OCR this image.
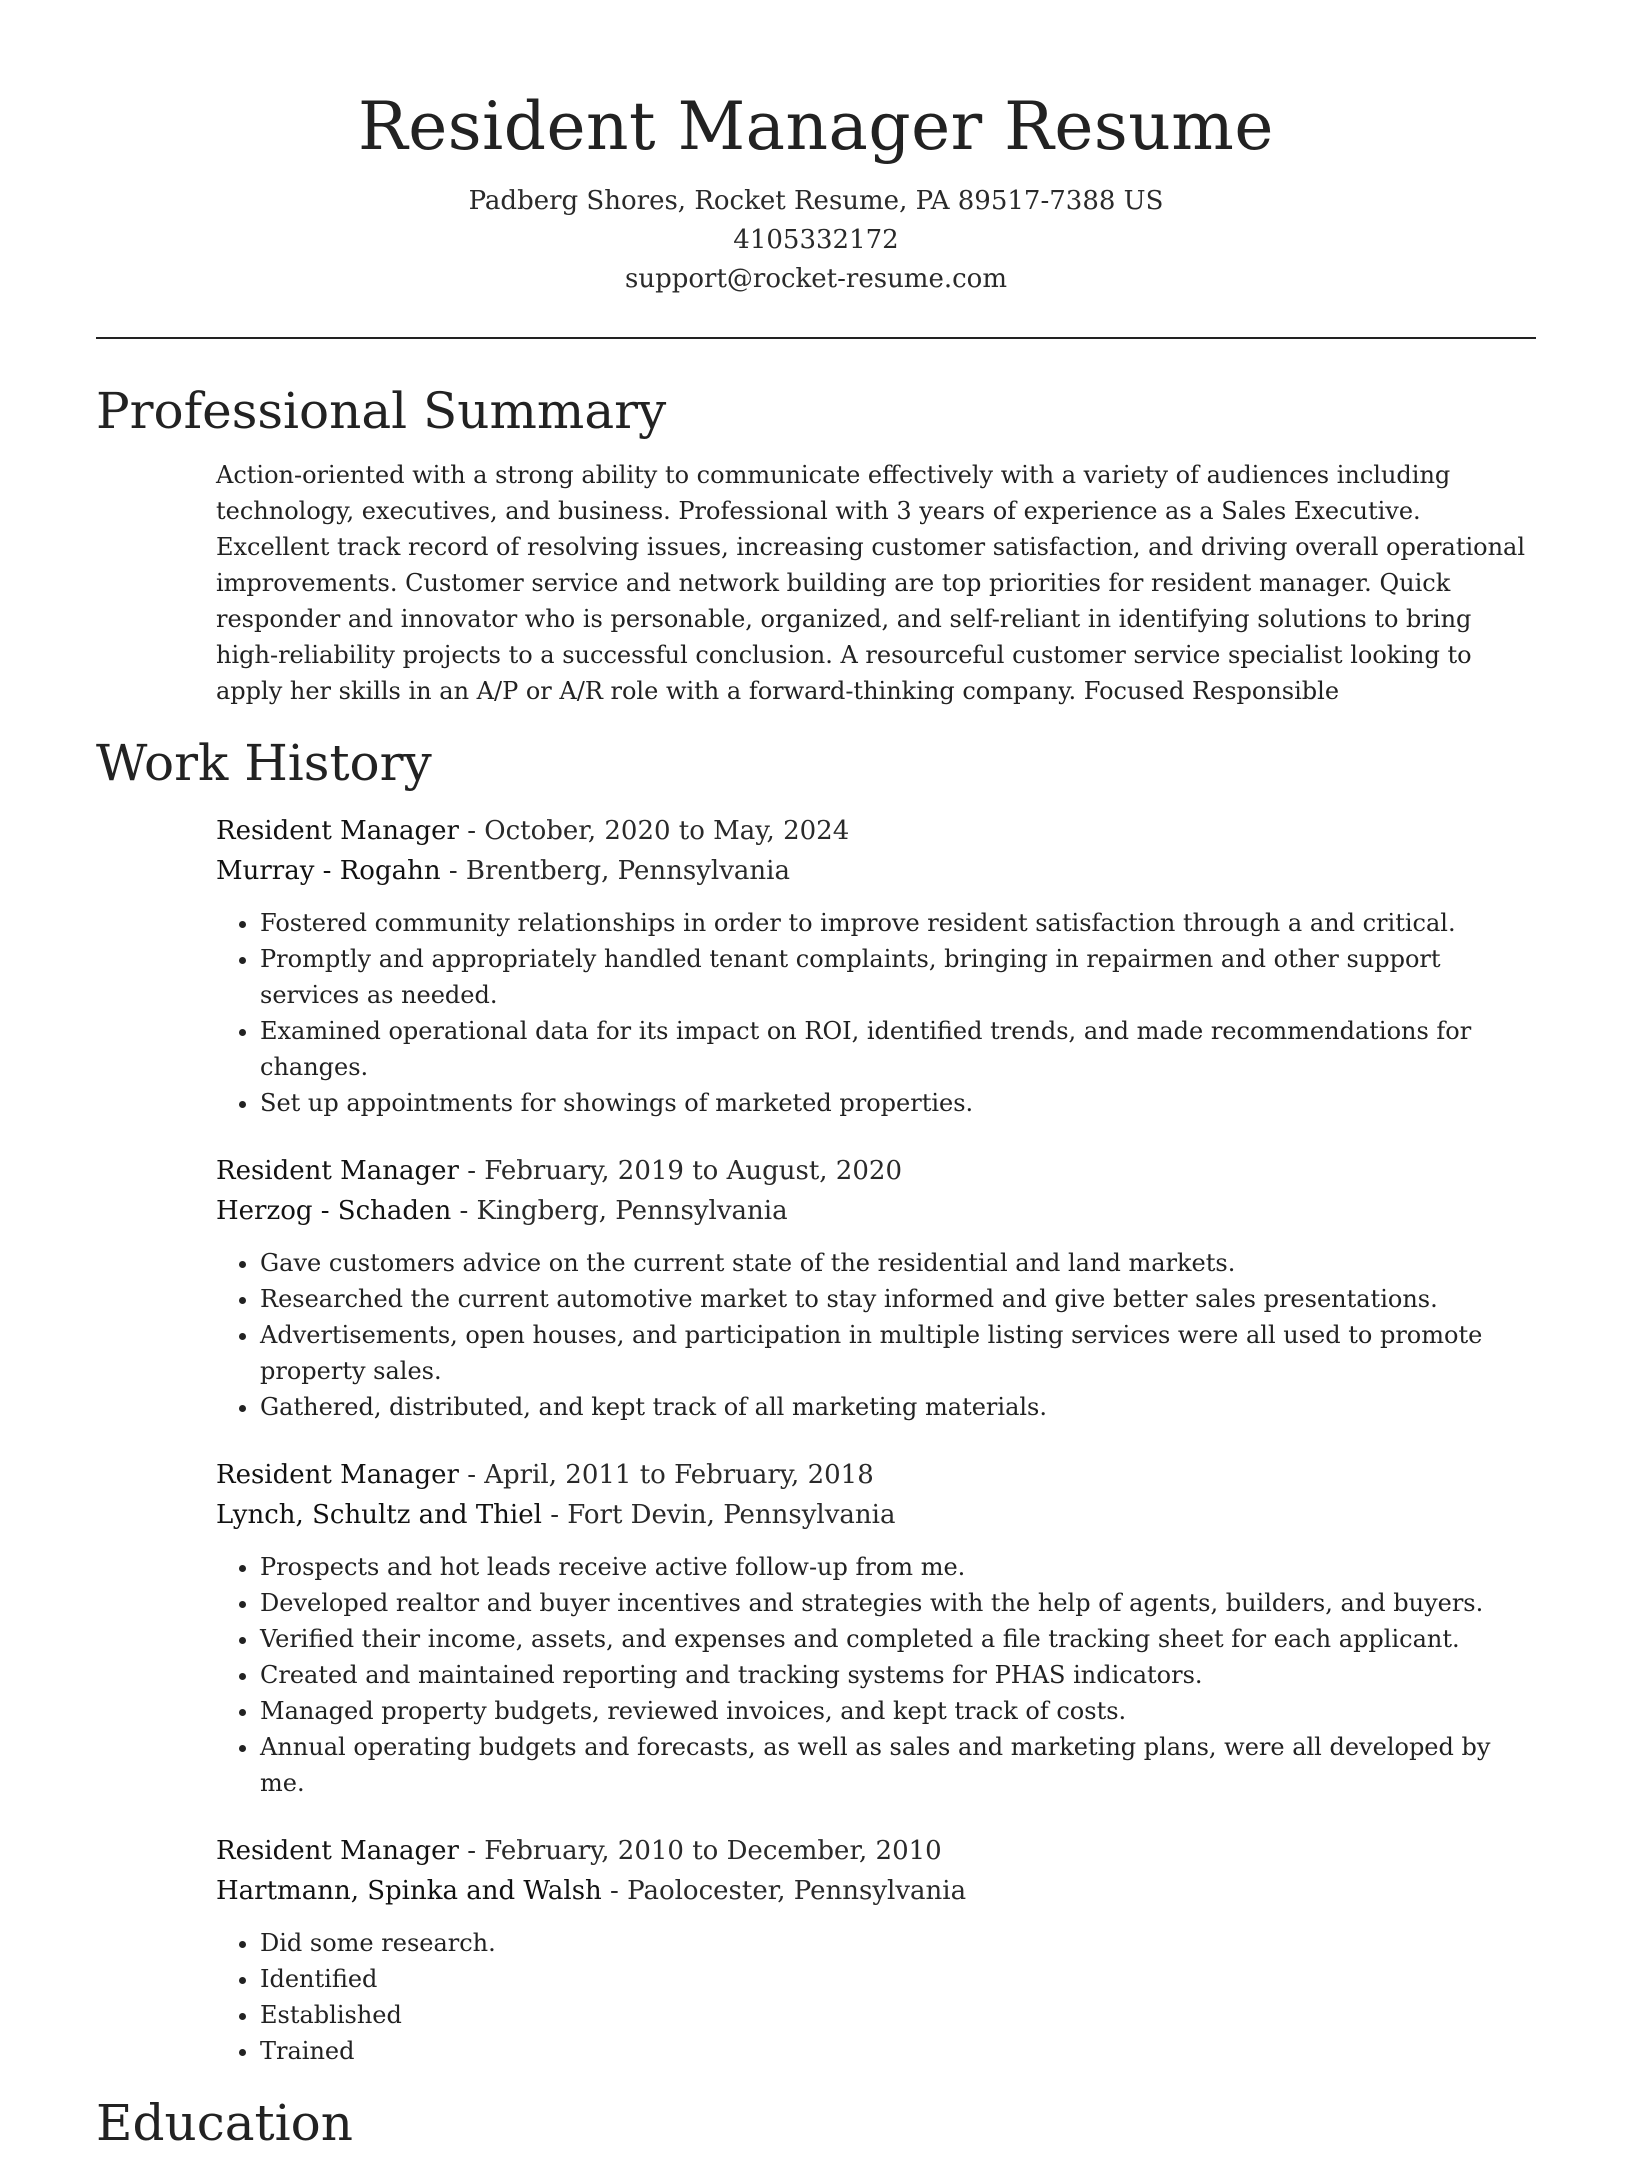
Resident Manager Resume
Padberg Shores, Rocket Resume, PA 89517-7388 US
4105332172
support@rocket-resume.com
Professional Summary
Action-oriented with a strong ability to communicate effectively with a variety of audiences including technology, executives, and business. Professional with 3 years of experience as a Sales Executive. Excellent track record of resolving issues, increasing customer satisfaction, and driving overall operational improvements. Customer service and network building are top priorities for resident manager. Quick responder and innovator who is personable, organized, and self-reliant in identifying solutions to bring high-reliability projects to a successful conclusion. A resourceful customer service specialist looking to apply her skills in an A/P or A/R role with a forward-thinking company. Focused Responsible
Work History
Resident Manager - October, 2020 to May, 2024
Murray - Rogahn - Brentberg, Pennsylvania
• Fostered community relationships in order to improve resident satisfaction through a and critical.
• Promptly and appropriately handled tenant complaints, bringing in repairmen and other support services as needed.
• Examined operational data for its impact on ROI, identified trends, and made recommendations for changes.
• Set up appointments for showings of marketed properties.
Resident Manager - February, 2019 to August, 2020
Herzog - Schaden - Kingberg, Pennsylvania
• Gave customers advice on the current state of the residential and land markets.
• Researched the current automotive market to stay informed and give better sales presentations.
• Advertisements, open houses, and participation in multiple listing services were all used to promote property sales.
• Gathered, distributed, and kept track of all marketing materials.
Resident Manager - April, 2011 to February, 2018
Lynch, Schultz and Thiel - Fort Devin, Pennsylvania
• Prospects and hot leads receive active follow-up from me.
• Developed realtor and buyer incentives and strategies with the help of agents, builders, and buyers.
• Verified their income, assets, and expenses and completed a file tracking sheet for each applicant.
• Created and maintained reporting and tracking systems for PHAS indicators.
• Managed property budgets, reviewed invoices, and kept track of costs.
• Annual operating budgets and forecasts, as well as sales and marketing plans, were all developed by me.
Resident Manager - February, 2010 to December, 2010
Hartmann, Spinka and Walsh - Paolocester, Pennsylvania
• Did some research.
• Identified
• Established
• Trained
Education
